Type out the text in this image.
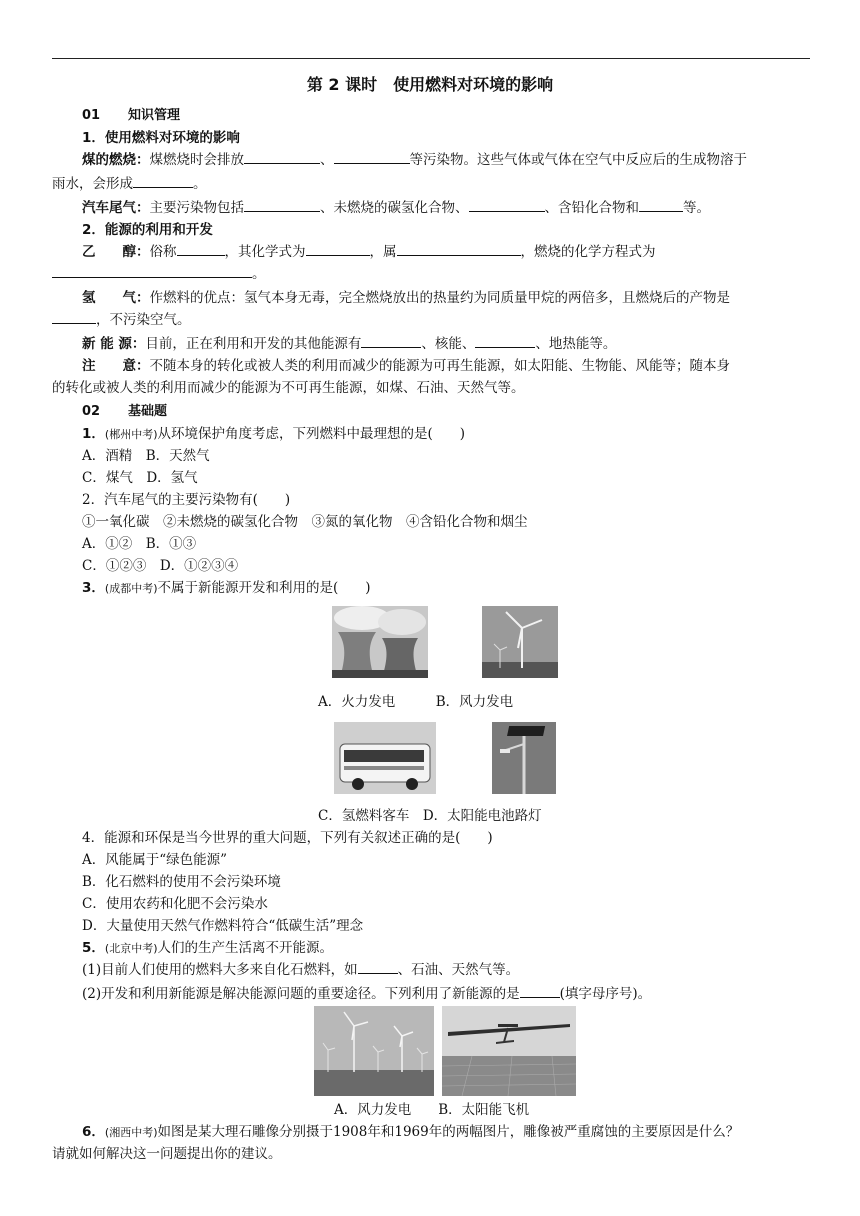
第 2 课时　使用燃料对环境的影响
01 知识管理
1．使用燃料对环境的影响
煤的燃烧：煤燃烧时会排放	、	等污染物。这些气体或气体在空气中反应后的生成物溶于
雨水，会形成	。
汽车尾气：主要污染物包括	、未燃烧的碳氢化合物、	、含铅化合物和	等。
2．能源的利用和开发
乙　　醇：俗称	，其化学式为	，属	，燃烧的化学方程式为
。
氢　　气：作燃料的优点：氢气本身无毒，完全燃烧放出的热量约为同质量甲烷的两倍多，且燃烧后的产物是
，不污染空气。
新 能 源：目前，正在利用和开发的其他能源有	、核能、	、地热能等。
注　　意：不随本身的转化或被人类的利用而减少的能源为可再生能源，如太阳能、生物能、风能等；随本身
的转化或被人类的利用而减少的能源为不可再生能源，如煤、石油、天然气等。
02 基础题
1．(郴州中考)从环境保护角度考虑，下列燃料中最理想的是(　　)
A．酒精　B．天然气
C．煤气　D．氢气
2．汽车尾气的主要污染物有(　　)
①一氧化碳　②未燃烧的碳氢化合物　③氮的氧化物　④含铅化合物和烟尘
A．①②　B．①③
C．①②③　D．①②③④
3．(成都中考)不属于新能源开发和利用的是(　　)
A．火力发电　　　B．风力发电
C．氢燃料客车　D．太阳能电池路灯
4．能源和环保是当今世界的重大问题，下列有关叙述正确的是(　　)
A．风能属于“绿色能源”
B．化石燃料的使用不会污染环境
C．使用农药和化肥不会污染水
D．大量使用天然气作燃料符合“低碳生活”理念
5．(北京中考)人们的生产生活离不开能源。
(1)目前人们使用的燃料大多来自化石燃料，如	、石油、天然气等。
(2)开发和利用新能源是解决能源问题的重要途径。下列利用了新能源的是	(填字母序号)。
A．风力发电　　B．太阳能飞机
6．(湘西中考)如图是某大理石雕像分别摄于1908年和1969年的两幅图片，雕像被严重腐蚀的主要原因是什么？
请就如何解决这一问题提出你的建议。
